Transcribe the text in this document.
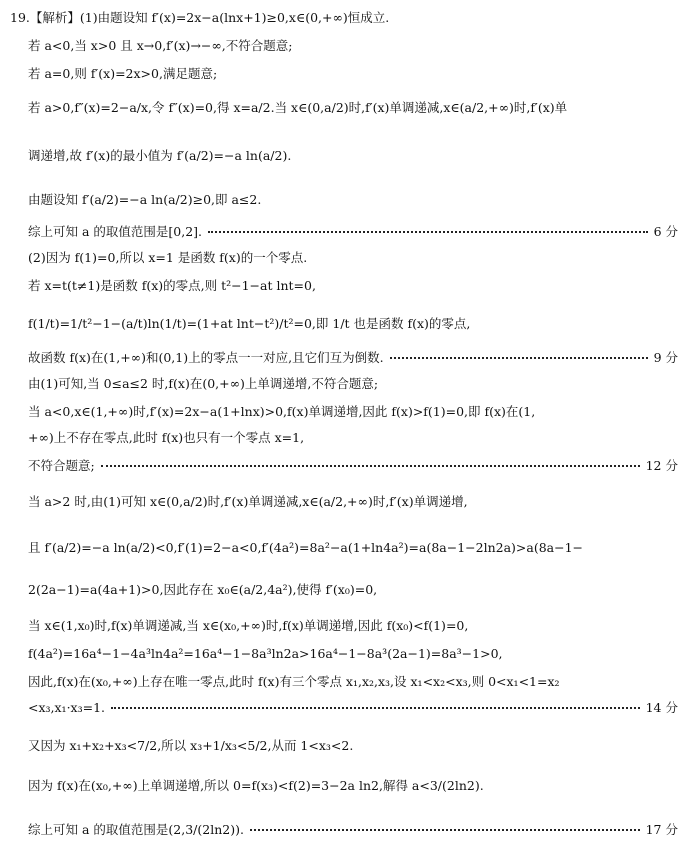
19.【解析】(1)由题设知 f′(x)=2x−a(lnx+1)≥0,x∈(0,+∞)恒成立.
若 a<0,当 x>0 且 x→0,f′(x)→−∞,不符合题意;
若 a=0,则 f′(x)=2x>0,满足题意;
若 a>0,f″(x)=2−a/x,令 f″(x)=0,得 x=a/2.当 x∈(0,a/2)时,f′(x)单调递减,x∈(a/2,+∞)时,f′(x)单
调递增,故 f′(x)的最小值为 f′(a/2)=−a ln(a/2).
由题设知 f′(a/2)=−a ln(a/2)≥0,即 a≤2.
综上可知 a 的取值范围是[0,2].	6 分
(2)因为 f(1)=0,所以 x=1 是函数 f(x)的一个零点.
若 x=t(t≠1)是函数 f(x)的零点,则 t²−1−at lnt=0,
f(1/t)=1/t²−1−(a/t)ln(1/t)=(1+at lnt−t²)/t²=0,即 1/t 也是函数 f(x)的零点,
故函数 f(x)在(1,+∞)和(0,1)上的零点一一对应,且它们互为倒数.	9 分
由(1)可知,当 0≤a≤2 时,f(x)在(0,+∞)上单调递增,不符合题意;
当 a<0,x∈(1,+∞)时,f′(x)=2x−a(1+lnx)>0,f(x)单调递增,因此 f(x)>f(1)=0,即 f(x)在(1,
+∞)上不存在零点,此时 f(x)也只有一个零点 x=1,
不符合题意;	12 分
当 a>2 时,由(1)可知 x∈(0,a/2)时,f′(x)单调递减,x∈(a/2,+∞)时,f′(x)单调递增,
且 f′(a/2)=−a ln(a/2)<0,f′(1)=2−a<0,f′(4a²)=8a²−a(1+ln4a²)=a(8a−1−2ln2a)>a(8a−1−
2(2a−1)=a(4a+1)>0,因此存在 x₀∈(a/2,4a²),使得 f′(x₀)=0,
当 x∈(1,x₀)时,f(x)单调递减,当 x∈(x₀,+∞)时,f(x)单调递增,因此 f(x₀)<f(1)=0,
f(4a²)=16a⁴−1−4a³ln4a²=16a⁴−1−8a³ln2a>16a⁴−1−8a³(2a−1)=8a³−1>0,
因此,f(x)在(x₀,+∞)上存在唯一零点,此时 f(x)有三个零点 x₁,x₂,x₃,设 x₁<x₂<x₃,则 0<x₁<1=x₂
<x₃,x₁·x₃=1.	14 分
又因为 x₁+x₂+x₃<7/2,所以 x₃+1/x₃<5/2,从而 1<x₃<2.
因为 f(x)在(x₀,+∞)上单调递增,所以 0=f(x₃)<f(2)=3−2a ln2,解得 a<3/(2ln2).
综上可知 a 的取值范围是(2,3/(2ln2)).	17 分
